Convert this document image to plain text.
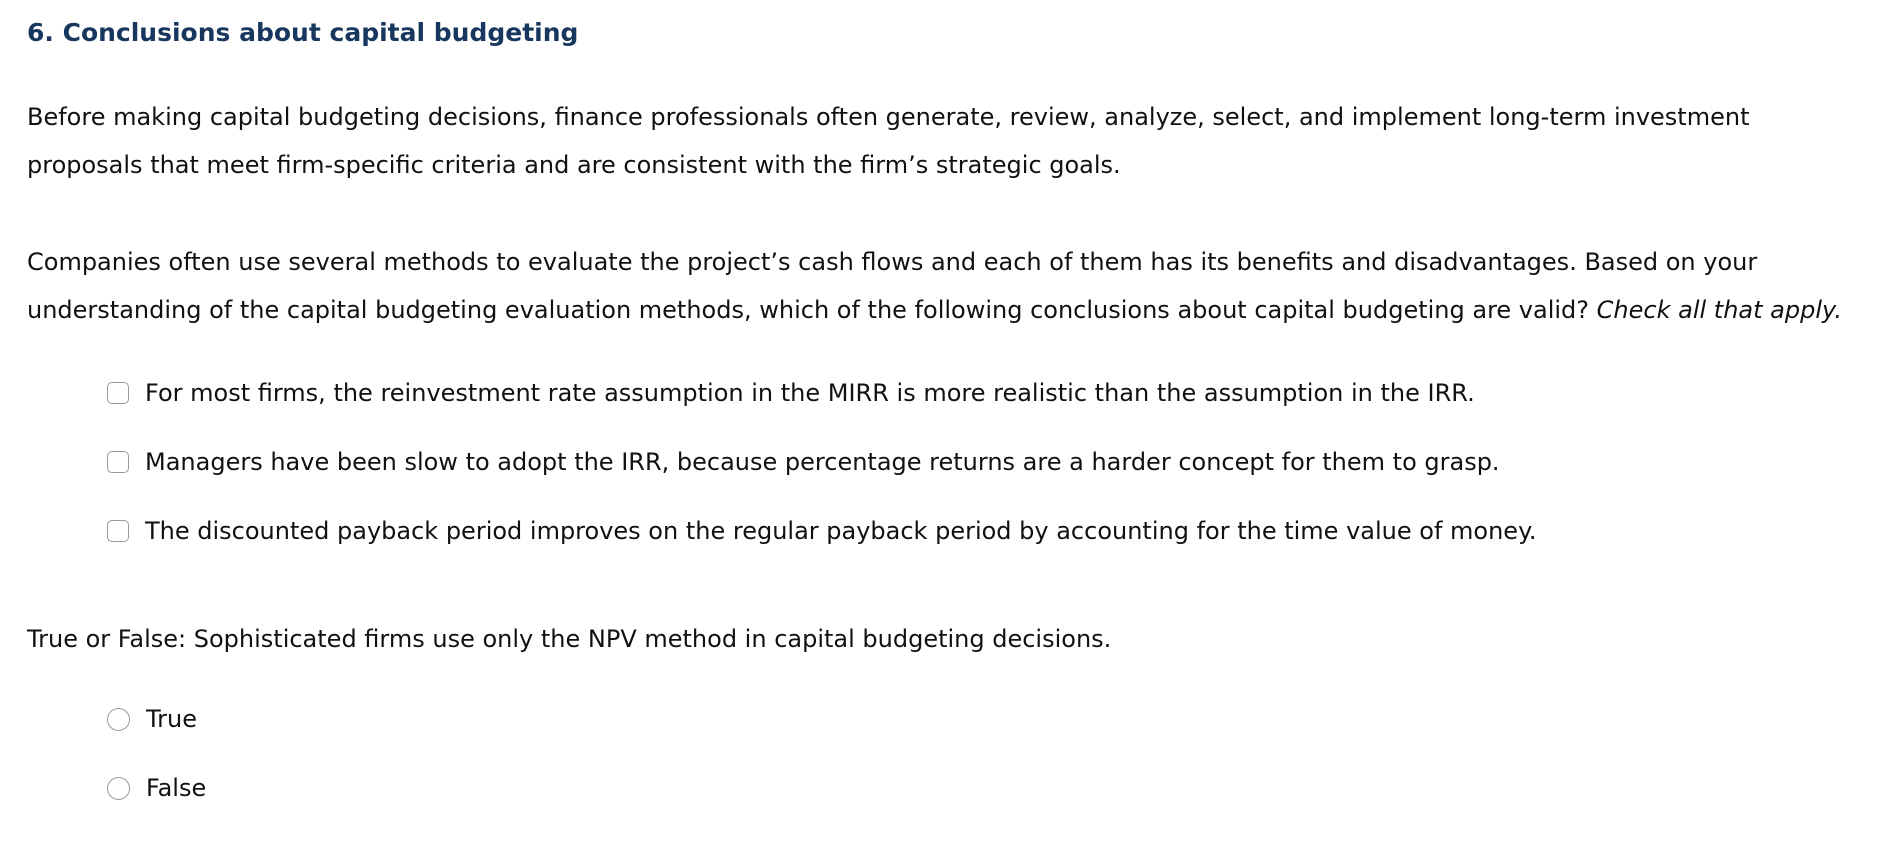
6. Conclusions about capital budgeting

Before making capital budgeting decisions, finance professionals often generate, review, analyze, select, and implement long-term investment
proposals that meet firm-specific criteria and are consistent with the firm’s strategic goals.

Companies often use several methods to evaluate the project’s cash flows and each of them has its benefits and disadvantages. Based on your
understanding of the capital budgeting evaluation methods, which of the following conclusions about capital budgeting are valid? Check all that apply.

For most firms, the reinvestment rate assumption in the MIRR is more realistic than the assumption in the IRR.
Managers have been slow to adopt the IRR, because percentage returns are a harder concept for them to grasp.
The discounted payback period improves on the regular payback period by accounting for the time value of money.

True or False: Sophisticated firms use only the NPV method in capital budgeting decisions.

True
False
